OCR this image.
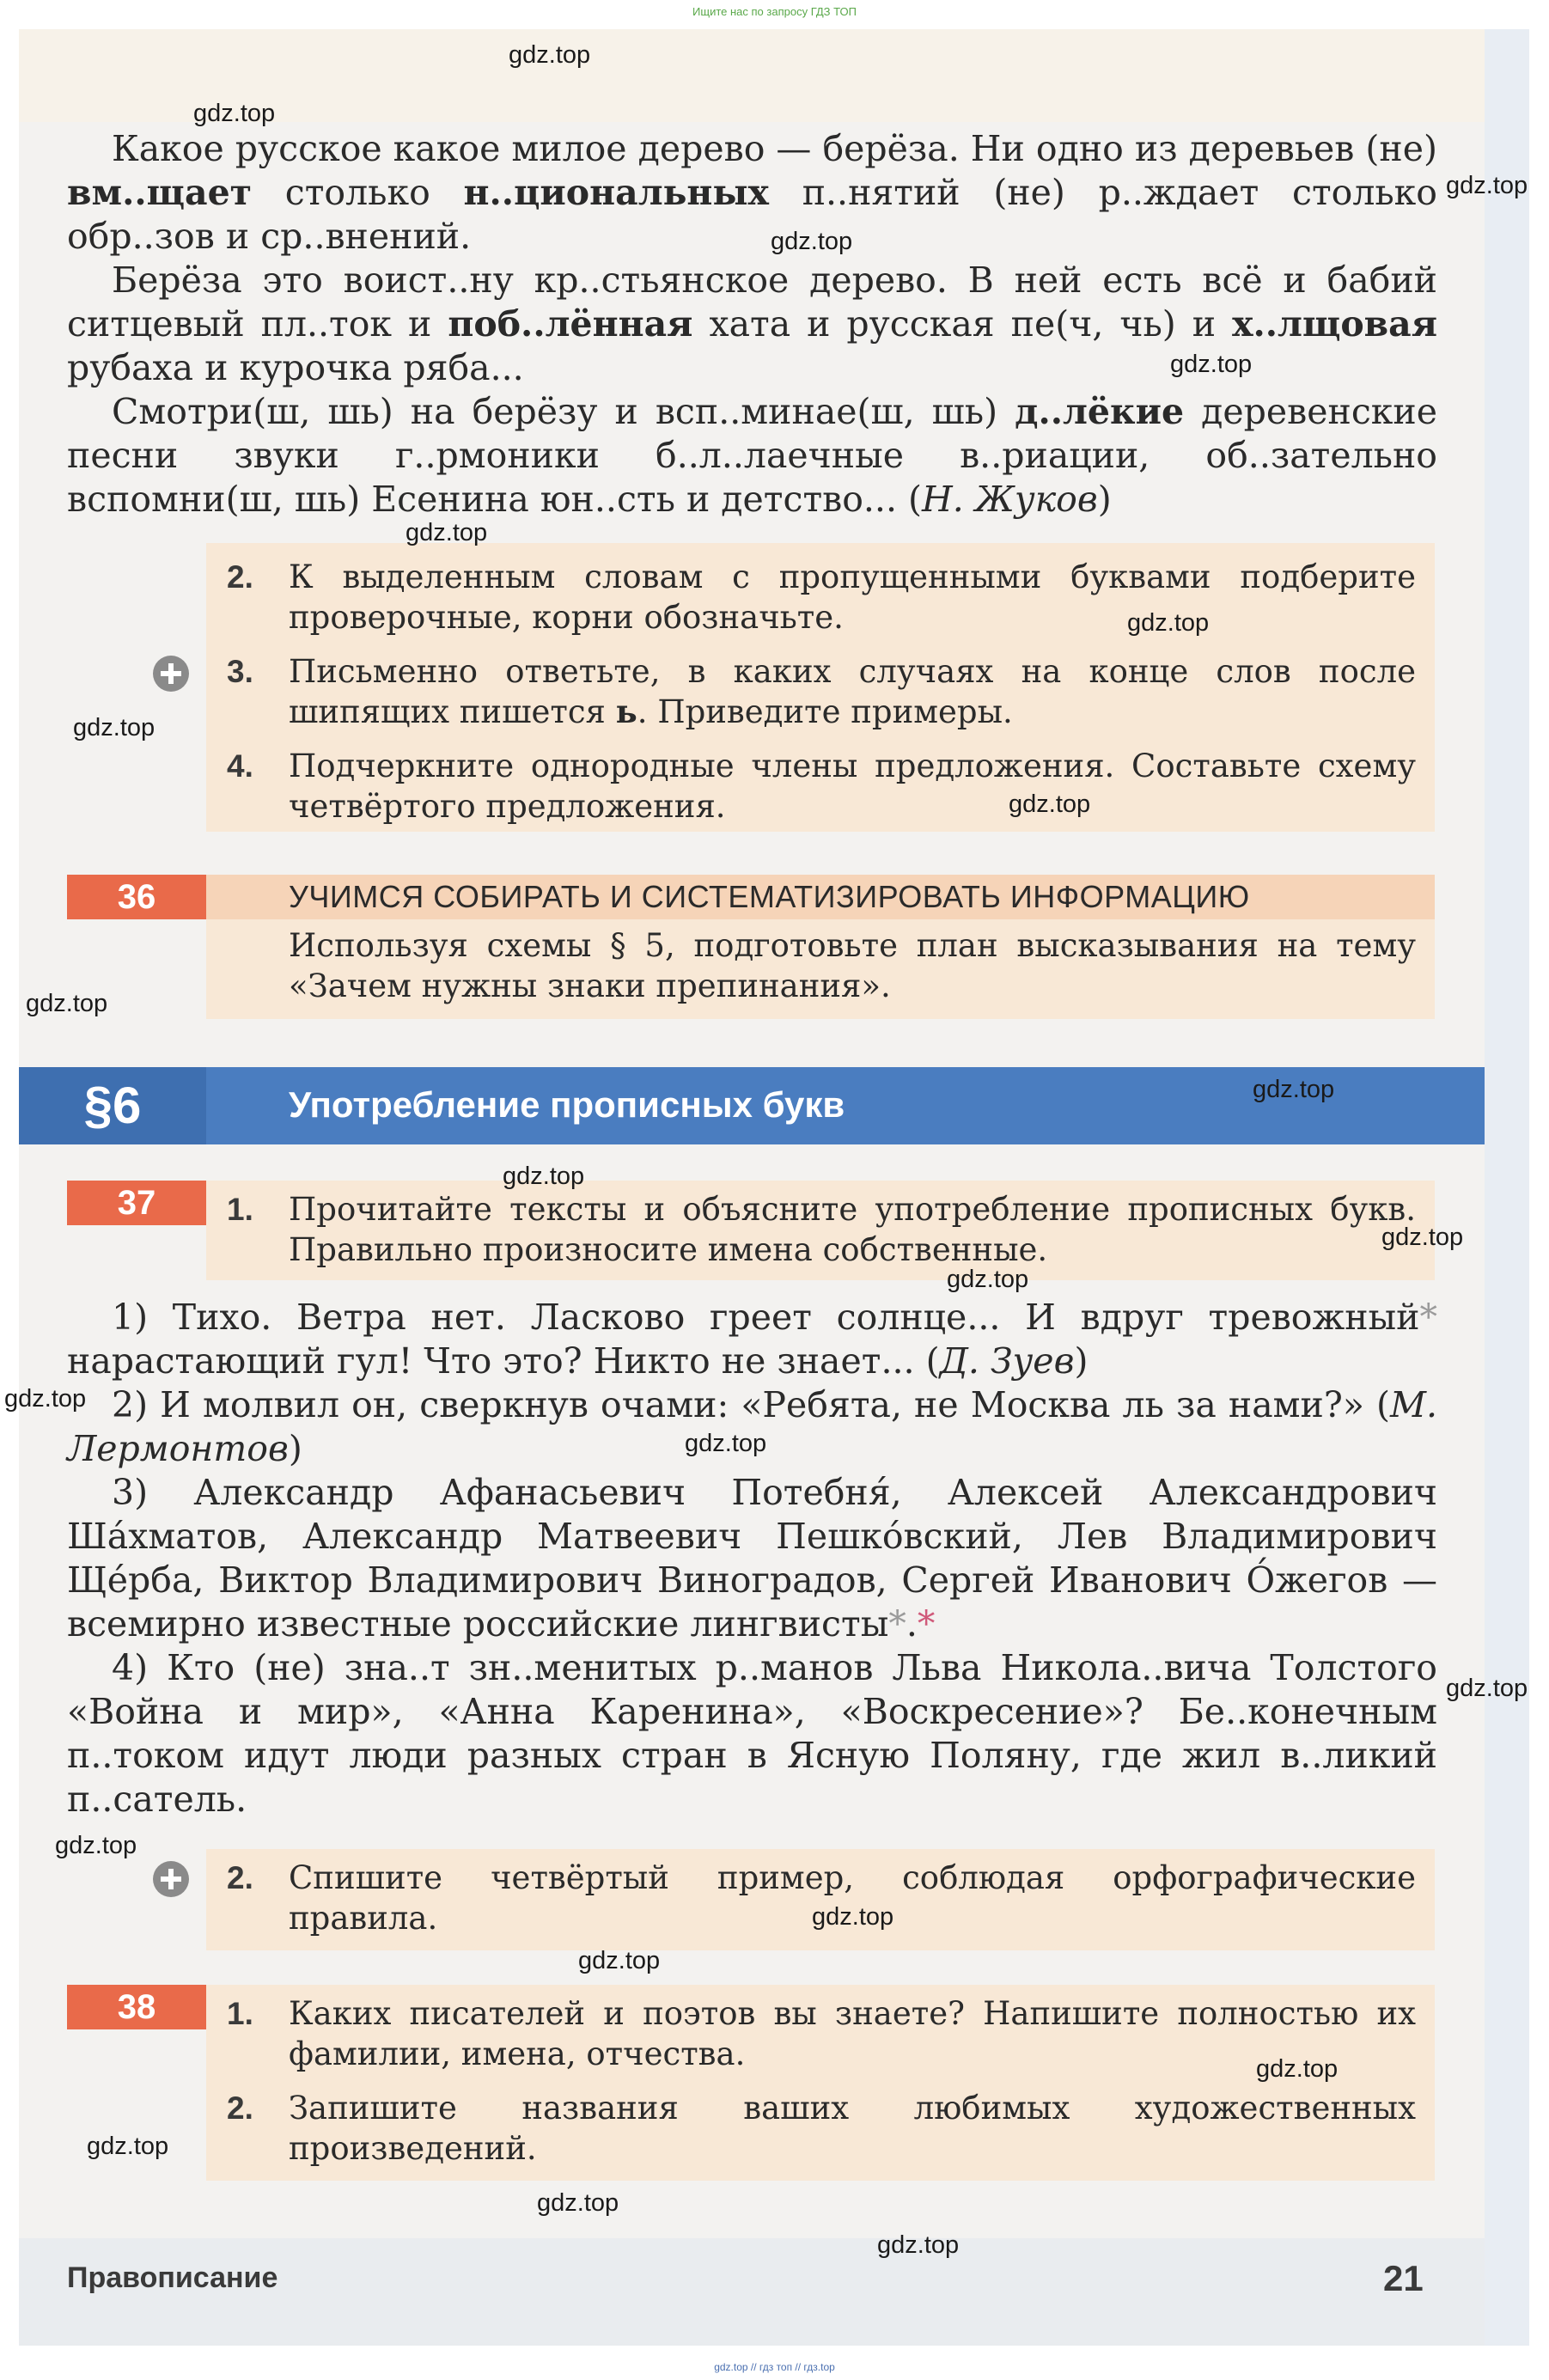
Ищите нас по запросу ГДЗ ТОП

Какое русское какое милое дерево — берёза. Ни одно из деревьев (не) вм..щает столько н..циональных п..нятий (не) р..ждает столько обр..зов и ср..внений.

Берёза это воист..ну кр..стьянское дерево. В ней есть всё и бабий ситцевый пл..ток и поб..лённая хата и русская пе(ч, чь) и х..лщовая рубаха и курочка ряба...

Смотри(ш, шь) на берёзу и всп..минае(ш, шь) д..лёкие деревенские песни звуки г..рмоники б..л..лаечные в..риации, об..зательно вспомни(ш, шь) Есенина юн..сть и детство... (Н. Жуков)

2. К выделенным словам с пропущенными буквами подберите проверочные, корни обозначьте.
3. Письменно ответьте, в каких случаях на конце слов после шипящих пишется ь. Приведите примеры.
4. Подчеркните однородные члены предложения. Составьте схему четвёртого предложения.
36	УЧИМСЯ СОБИРАТЬ И СИСТЕМАТИЗИРОВАТЬ ИНФОРМАЦИЮ
Используя схемы § 5, подготовьте план высказывания на тему «Зачем нужны знаки препинания».
§6	Употребление прописных букв
37	1. Прочитайте тексты и объясните употребление прописных букв. Правильно произносите имена собственные.

1) Тихо. Ветра нет. Ласково греет солнце... И вдруг тревожный* нарастающий гул! Что это? Никто не знает... (Д. Зуев)

2) И молвил он, сверкнув очами: «Ребята, не Москва ль за нами?» (М. Лермонтов)

3) Александр Афанасьевич Потебня́, Алексей Александрович Ша́хматов, Александр Матвеевич Пешко́вский, Лев Владимирович Ще́рба, Виктор Владимирович Виноградов, Сергей Иванович О́жегов — всемирно известные российские лингвисты*.*

4) Кто (не) зна..т зн..менитых р..манов Льва Никола..вича Толстого «Война и мир», «Анна Каренина», «Воскресение»? Бе..конечным п..током идут люди разных стран в Ясную Поляну, где жил в..ликий п..сатель.

2. Спишите четвёртый пример, соблюдая орфографические правила.
38	1. Каких писателей и поэтов вы знаете? Напишите полностью их фамилии, имена, отчества.
2. Запишите названия ваших любимых художественных произведений.
Правописание	21
gdz.top
gdz.top
gdz.top
gdz.top
gdz.top
gdz.top
gdz.top
gdz.top
gdz.top
gdz.top
gdz.top
gdz.top
gdz.top
gdz.top
gdz.top
gdz.top
gdz.top
gdz.top
gdz.top
gdz.top
gdz.top
gdz.top
gdz.top
gdz.top
gdz.top // гдз топ // гдз.top
